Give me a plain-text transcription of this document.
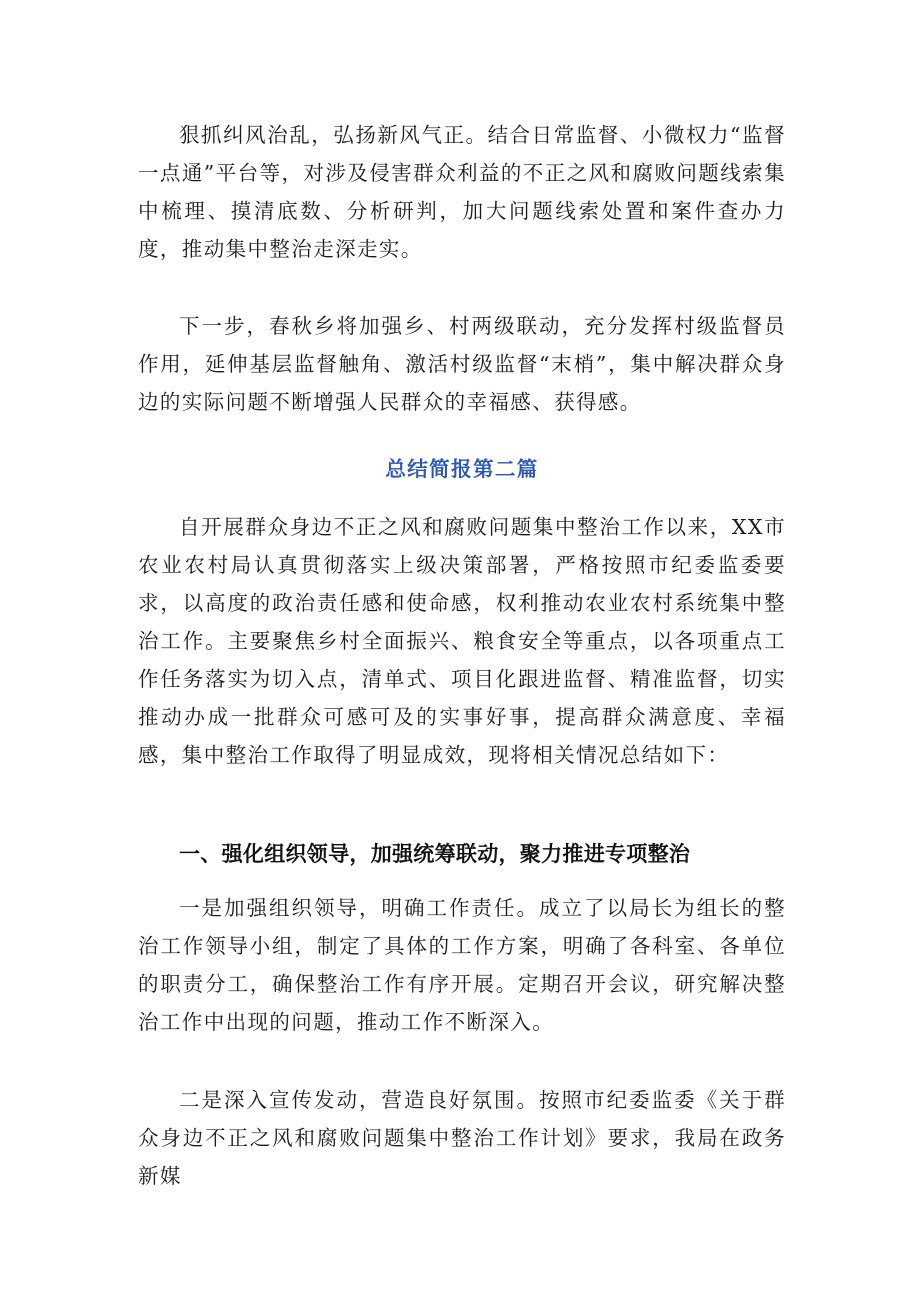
狠抓纠风治乱，弘扬新风气正。结合日常监督、小微权力“监督一点通”平台等，对涉及侵害群众利益的不正之风和腐败问题线索集中梳理、摸清底数、分析研判，加大问题线索处置和案件查办力度，推动集中整治走深走实。

下一步，春秋乡将加强乡、村两级联动，充分发挥村级监督员作用，延伸基层监督触角、激活村级监督“末梢”，集中解决群众身边的实际问题不断增强人民群众的幸福感、获得感。

总结简报第二篇

自开展群众身边不正之风和腐败问题集中整治工作以来，XX市农业农村局认真贯彻落实上级决策部署，严格按照市纪委监委要求，以高度的政治责任感和使命感，权利推动农业农村系统集中整治工作。主要聚焦乡村全面振兴、粮食安全等重点，以各项重点工作任务落实为切入点，清单式、项目化跟进监督、精准监督，切实推动办成一批群众可感可及的实事好事，提高群众满意度、幸福感，集中整治工作取得了明显成效，现将相关情况总结如下：

一、强化组织领导，加强统筹联动，聚力推进专项整治

一是加强组织领导，明确工作责任。成立了以局长为组长的整治工作领导小组，制定了具体的工作方案，明确了各科室、各单位的职责分工，确保整治工作有序开展。定期召开会议，研究解决整治工作中出现的问题，推动工作不断深入。

二是深入宣传发动，营造良好氛围。按照市纪委监委《关于群众身边不正之风和腐败问题集中整治工作计划》要求，我局在政务新媒
